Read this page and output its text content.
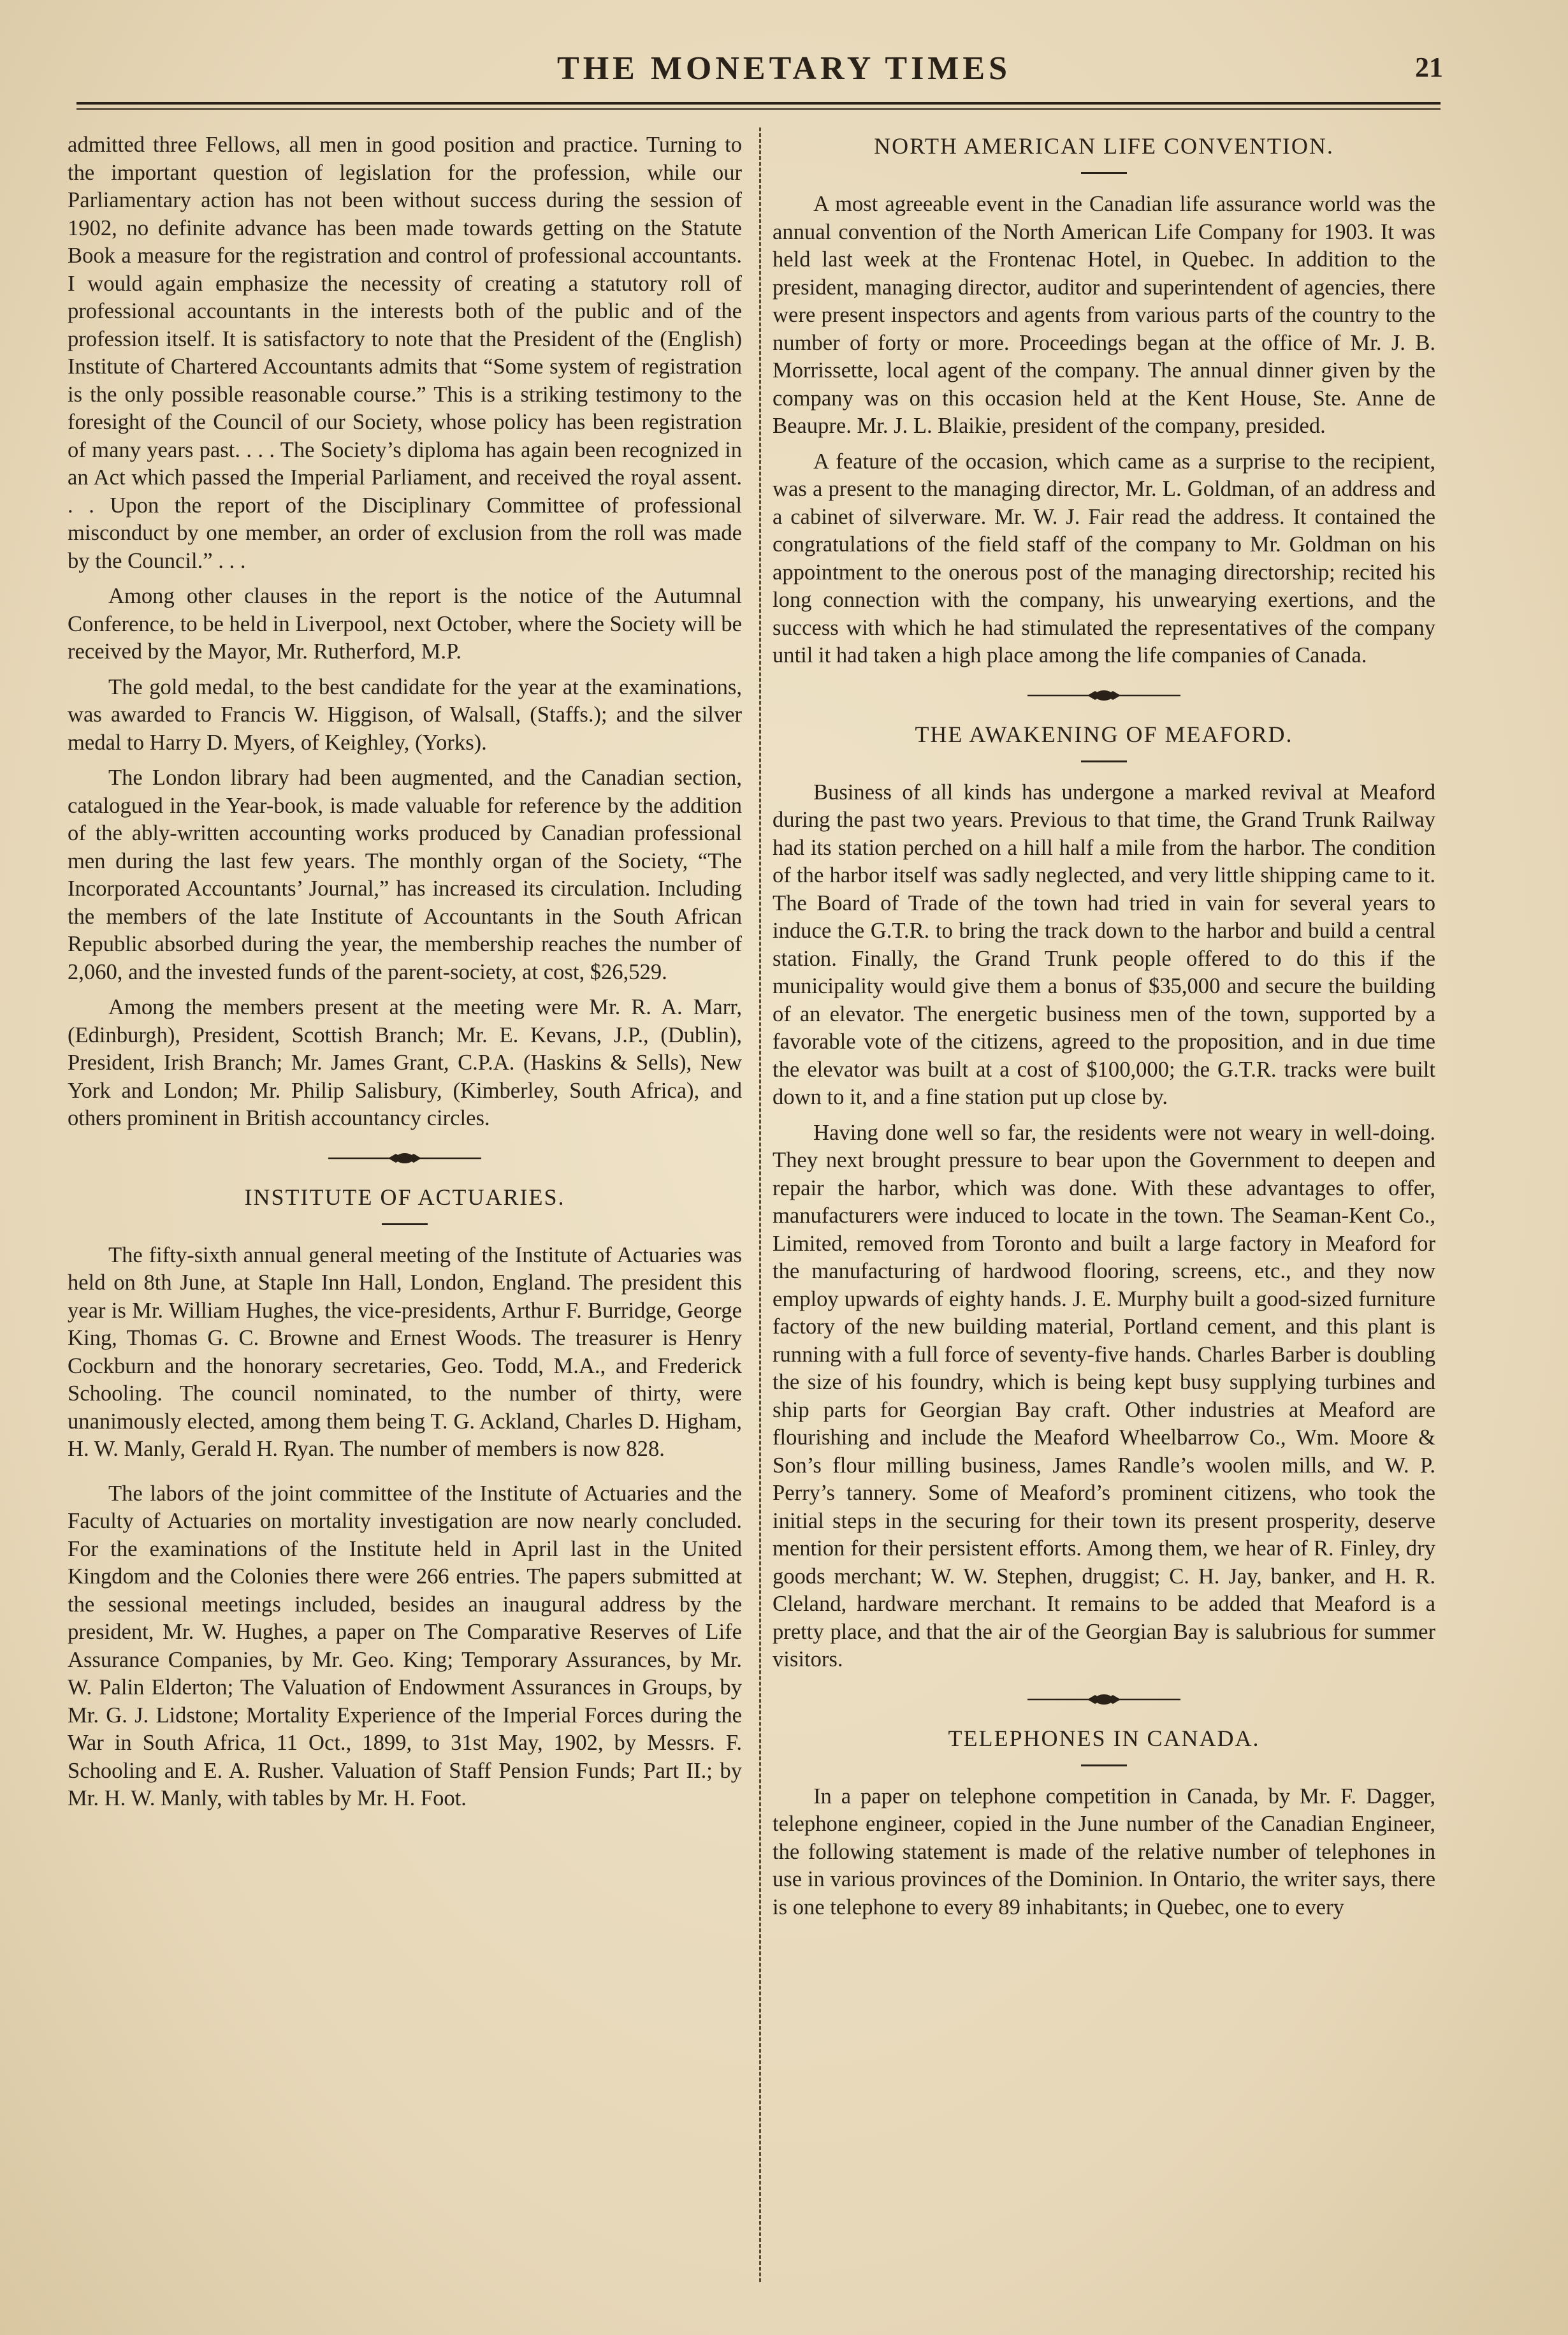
THE MONETARY TIMES	21

admitted three Fellows, all men in good position and practice. Turning to the important question of legislation for the profession, while our Parliamentary action has not been without success during the session of 1902, no definite advance has been made towards getting on the Statute Book a measure for the registration and control of professional accountants. I would again emphasize the necessity of creating a statutory roll of professional accountants in the interests both of the public and of the profession itself. It is satisfactory to note that the President of the (English) Institute of Chartered Accountants admits that “Some system of registration is the only possible reasonable course.” This is a striking testimony to the foresight of the Council of our Society, whose policy has been registration of many years past. . . . The Society’s diploma has again been recognized in an Act which passed the Imperial Parliament, and received the royal assent. . . Upon the report of the Disciplinary Committee of professional misconduct by one member, an order of exclusion from the roll was made by the Council.” . . .

Among other clauses in the report is the notice of the Autumnal Conference, to be held in Liverpool, next October, where the Society will be received by the Mayor, Mr. Rutherford, M.P.

The gold medal, to the best candidate for the year at the examinations, was awarded to Francis W. Higgison, of Walsall, (Staffs.); and the silver medal to Harry D. Myers, of Keighley, (Yorks).

The London library had been augmented, and the Canadian section, catalogued in the Year-book, is made valuable for reference by the addition of the ably-written accounting works produced by Canadian professional men during the last few years. The monthly organ of the Society, “The Incorporated Accountants’ Journal,” has increased its circulation. Including the members of the late Institute of Accountants in the South African Republic absorbed during the year, the membership reaches the number of 2,060, and the invested funds of the parent-society, at cost, $26,529.

Among the members present at the meeting were Mr. R. A. Marr, (Edinburgh), President, Scottish Branch; Mr. E. Kevans, J.P., (Dublin), President, Irish Branch; Mr. James Grant, C.P.A. (Haskins & Sells), New York and London; Mr. Philip Salisbury, (Kimberley, South Africa), and others prominent in British accountancy circles.

INSTITUTE OF ACTUARIES.

The fifty-sixth annual general meeting of the Institute of Actuaries was held on 8th June, at Staple Inn Hall, London, England. The president this year is Mr. William Hughes, the vice-presidents, Arthur F. Burridge, George King, Thomas G. C. Browne and Ernest Woods. The treasurer is Henry Cockburn and the honorary secretaries, Geo. Todd, M.A., and Frederick Schooling. The council nominated, to the number of thirty, were unanimously elected, among them being T. G. Ackland, Charles D. Higham, H. W. Manly, Gerald H. Ryan. The number of members is now 828.

The labors of the joint committee of the Institute of Actuaries and the Faculty of Actuaries on mortality investigation are now nearly concluded. For the examinations of the Institute held in April last in the United Kingdom and the Colonies there were 266 entries. The papers submitted at the sessional meetings included, besides an inaugural address by the president, Mr. W. Hughes, a paper on The Comparative Reserves of Life Assurance Companies, by Mr. Geo. King; Temporary Assurances, by Mr. W. Palin Elderton; The Valuation of Endowment Assurances in Groups, by Mr. G. J. Lidstone; Mortality Experience of the Imperial Forces during the War in South Africa, 11 Oct., 1899, to 31st May, 1902, by Messrs. F. Schooling and E. A. Rusher. Valuation of Staff Pension Funds; Part II.; by Mr. H. W. Manly, with tables by Mr. H. Foot.

NORTH AMERICAN LIFE CONVENTION.

A most agreeable event in the Canadian life assurance world was the annual convention of the North American Life Company for 1903. It was held last week at the Frontenac Hotel, in Quebec. In addition to the president, managing director, auditor and superintendent of agencies, there were present inspectors and agents from various parts of the country to the number of forty or more. Proceedings began at the office of Mr. J. B. Morrissette, local agent of the company. The annual dinner given by the company was on this occasion held at the Kent House, Ste. Anne de Beaupre. Mr. J. L. Blaikie, president of the company, presided.

A feature of the occasion, which came as a surprise to the recipient, was a present to the managing director, Mr. L. Goldman, of an address and a cabinet of silverware. Mr. W. J. Fair read the address. It contained the congratulations of the field staff of the company to Mr. Goldman on his appointment to the onerous post of the managing directorship; recited his long connection with the company, his unwearying exertions, and the success with which he had stimulated the representatives of the company until it had taken a high place among the life companies of Canada.

THE AWAKENING OF MEAFORD.

Business of all kinds has undergone a marked revival at Meaford during the past two years. Previous to that time, the Grand Trunk Railway had its station perched on a hill half a mile from the harbor. The condition of the harbor itself was sadly neglected, and very little shipping came to it. The Board of Trade of the town had tried in vain for several years to induce the G.T.R. to bring the track down to the harbor and build a central station. Finally, the Grand Trunk people offered to do this if the municipality would give them a bonus of $35,000 and secure the building of an elevator. The energetic business men of the town, supported by a favorable vote of the citizens, agreed to the proposition, and in due time the elevator was built at a cost of $100,000; the G.T.R. tracks were built down to it, and a fine station put up close by.

Having done well so far, the residents were not weary in well-doing. They next brought pressure to bear upon the Government to deepen and repair the harbor, which was done. With these advantages to offer, manufacturers were induced to locate in the town. The Seaman-Kent Co., Limited, removed from Toronto and built a large factory in Meaford for the manufacturing of hardwood flooring, screens, etc., and they now employ upwards of eighty hands. J. E. Murphy built a good-sized furniture factory of the new building material, Portland cement, and this plant is running with a full force of seventy-five hands. Charles Barber is doubling the size of his foundry, which is being kept busy supplying turbines and ship parts for Georgian Bay craft. Other industries at Meaford are flourishing and include the Meaford Wheelbarrow Co., Wm. Moore & Son’s flour milling business, James Randle’s woolen mills, and W. P. Perry’s tannery. Some of Meaford’s prominent citizens, who took the initial steps in the securing for their town its present prosperity, deserve mention for their persistent efforts. Among them, we hear of R. Finley, dry goods merchant; W. W. Stephen, druggist; C. H. Jay, banker, and H. R. Cleland, hardware merchant. It remains to be added that Meaford is a pretty place, and that the air of the Georgian Bay is salubrious for summer visitors.

TELEPHONES IN CANADA.

In a paper on telephone competition in Canada, by Mr. F. Dagger, telephone engineer, copied in the June number of the Canadian Engineer, the following statement is made of the relative number of telephones in use in various provinces of the Dominion. In Ontario, the writer says, there is one telephone to every 89 inhabitants; in Quebec, one to every
